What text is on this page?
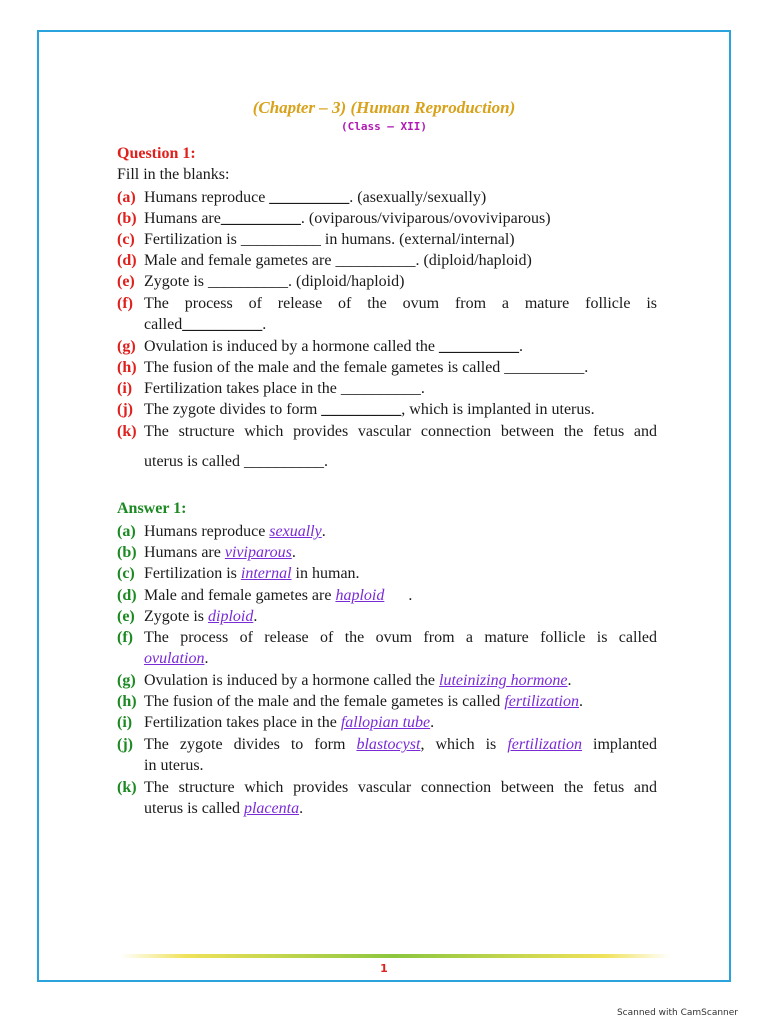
(Chapter – 3) (Human Reproduction)
(Class – XII)
Question 1:
Fill in the blanks:
(a) Humans reproduce __________. (asexually/sexually)
(b) Humans are__________. (oviparous/viviparous/ovoviviparous)
(c) Fertilization is __________ in humans. (external/internal)
(d) Male and female gametes are __________. (diploid/haploid)
(e) Zygote is __________. (diploid/haploid)
(f) The process of release of the ovum from a mature follicle is
called__________.
(g) Ovulation is induced by a hormone called the __________.
(h) The fusion of the male and the female gametes is called __________.
(i) Fertilization takes place in the __________.
(j) The zygote divides to form __________, which is implanted in uterus.
(k) The structure which provides vascular connection between the fetus and
uterus is called __________.
Answer 1:
(a) Humans reproduce sexually.
(b) Humans are viviparous.
(c) Fertilization is internal in human.
(d) Male and female gametes are haploid      .
(e) Zygote is diploid.
(f) The process of release of the ovum from a mature follicle is called
ovulation.
(g) Ovulation is induced by a hormone called the luteinizing hormone.
(h) The fusion of the male and the female gametes is called fertilization.
(i) Fertilization takes place in the fallopian tube.
(j) The zygote divides to form blastocyst, which is fertilization implanted
in uterus.
(k) The structure which provides vascular connection between the fetus and
uterus is called placenta.
1
Scanned with CamScanner
